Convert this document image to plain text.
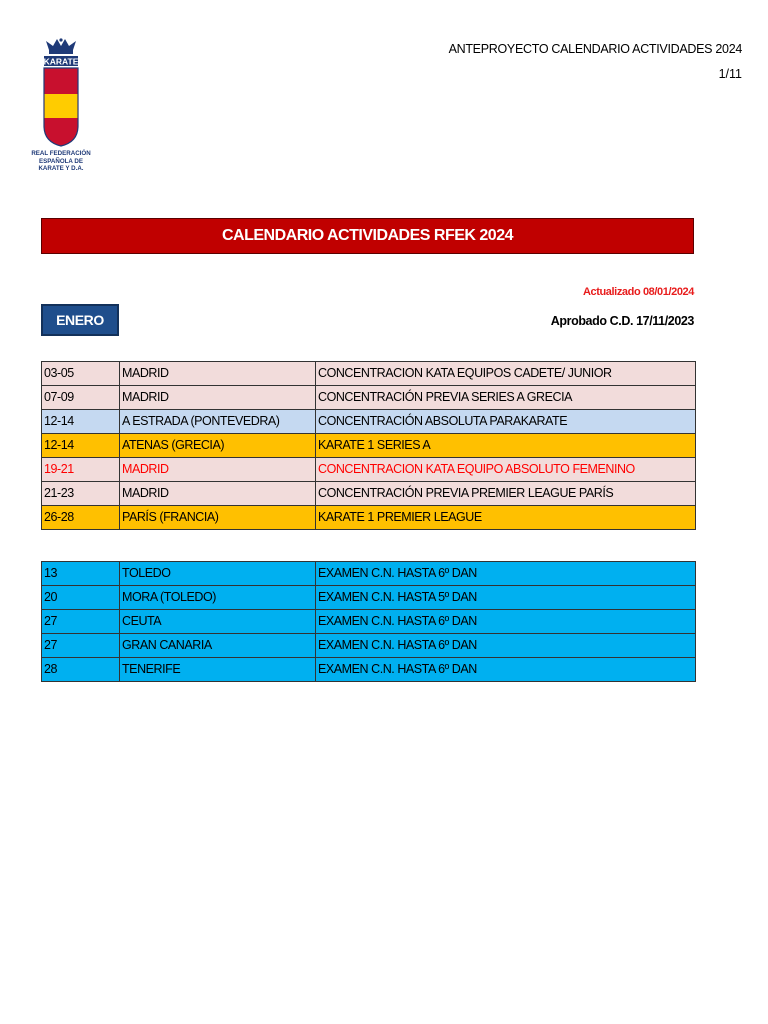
ANTEPROYECTO CALENDARIO ACTIVIDADES 2024
1/11
KARATE
REAL FEDERACIÓN
ESPAÑOLA DE KARATE Y D.A.
CALENDARIO ACTIVIDADES RFEK 2024
Actualizado 08/01/2024
ENERO	Aprobado C.D. 17/11/2023
03-05	MADRID	CONCENTRACION KATA EQUIPOS CADETE/ JUNIOR
07-09	MADRID	CONCENTRACIÓN PREVIA SERIES A GRECIA
12-14	A ESTRADA (PONTEVEDRA)	CONCENTRACIÓN ABSOLUTA PARAKARATE
12-14	ATENAS (GRECIA)	KARATE 1 SERIES A
19-21	MADRID	CONCENTRACION KATA EQUIPO ABSOLUTO FEMENINO
21-23	MADRID	CONCENTRACIÓN PREVIA PREMIER LEAGUE PARÍS
26-28	PARÍS (FRANCIA)	KARATE 1 PREMIER LEAGUE
13	TOLEDO	EXAMEN C.N. HASTA 6º DAN
20	MORA (TOLEDO)	EXAMEN C.N. HASTA 5º DAN
27	CEUTA	EXAMEN C.N. HASTA 6º DAN
27	GRAN CANARIA	EXAMEN C.N. HASTA 6º DAN
28	TENERIFE	EXAMEN C.N. HASTA 6º DAN
